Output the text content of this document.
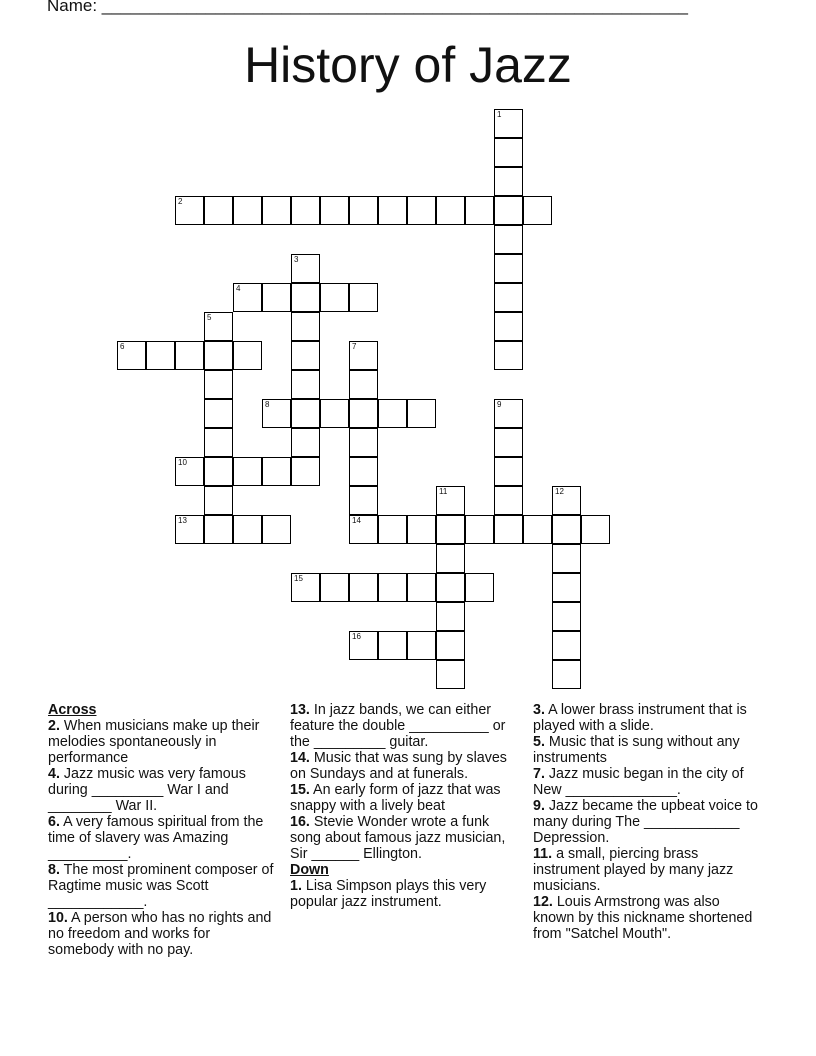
Name: ______________________________________________________________
History of Jazz
1
2
3
4
5
6	7
8	9
10
11	12
13	14
15
16

Across

2. When musicians make up their melodies spontaneously in performance

4. Jazz music was very famous during _________ War I and ________ War II.

6. A very famous spiritual from the time of slavery was Amazing __________.

8. The most prominent composer of Ragtime music was Scott ____________.

10. A person who has no rights and no freedom and works for somebody with no pay.

13. In jazz bands, we can either feature the double __________ or the _________ guitar.

14. Music that was sung by slaves on Sundays and at funerals.

15. An early form of jazz that was snappy with a lively beat

16. Stevie Wonder wrote a funk song about famous jazz musician, Sir ______ Ellington.

Down

1. Lisa Simpson plays this very popular jazz instrument.

3. A lower brass instrument that is played with a slide.

5. Music that is sung without any instruments

7. Jazz music began in the city of New ______________.

9. Jazz became the upbeat voice to many during The ____________ Depression.

11. a small, piercing brass instrument played by many jazz musicians.

12. Louis Armstrong was also known by this nickname shortened from "Satchel Mouth".
